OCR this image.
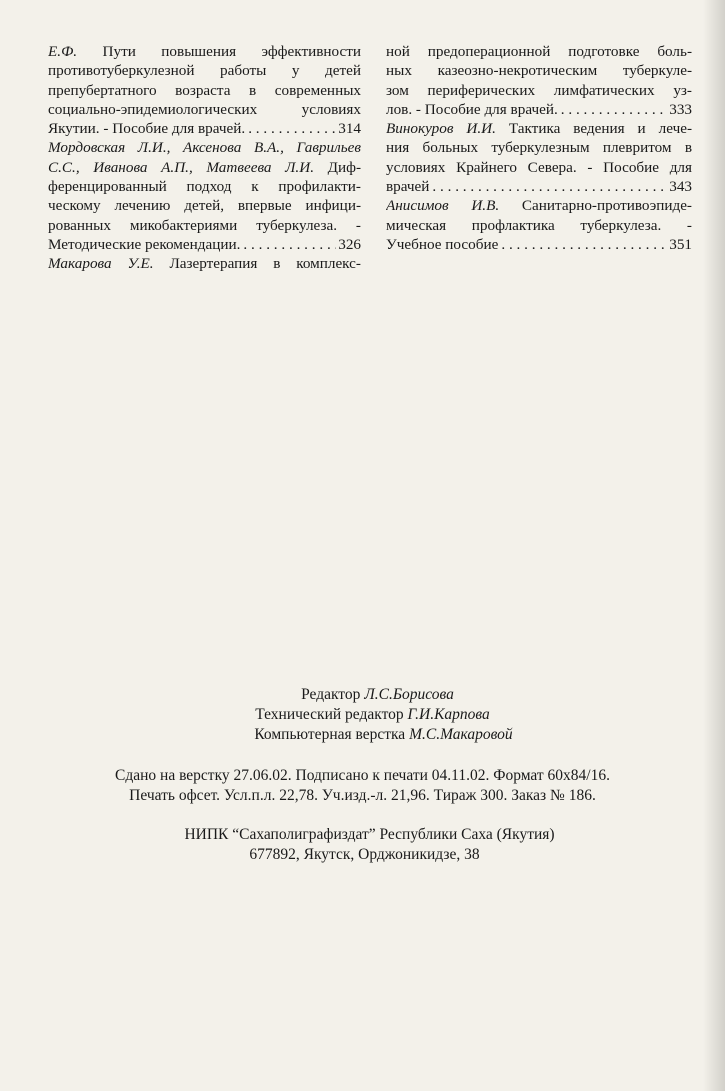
Е.Ф. Пути повышения эффективности
противотуберкулезной работы у детей
препубертатного возраста в современных
социально-эпидемиологических условиях
Якутии. - Пособие для врачей. . . .	314
Мордовская Л.И., Аксенова В.А., Гаврильев
С.С., Иванова А.П., Матвеева Л.И. Диф-
ференцированный подход к профилакти-
ческому лечению детей, впервые инфици-
рованных микобактериями туберкулеза. -
Методические рекомендации. . . .	326
Макарова У.Е. Лазертерапия в комплекс-
ной предоперационной подготовке боль-
ных казеозно-некротическим туберкуле-
зом периферических лимфатических уз-
лов. - Пособие для врачей. . . .	333
Винокуров И.И. Тактика ведения и лече-
ния больных туберкулезным плевритом в
условиях Крайнего Севера. - Пособие для
врачей . . .	343
Анисимов И.В. Санитарно-противоэпиде-
мическая профлактика туберкулеза. -
Учебное пособие . . .	351
Редактор Л.С.Борисова
Технический редактор Г.И.Карпова
Компьютерная верстка М.С.Макаровой
Сдано на верстку 27.06.02. Подписано к печати 04.11.02. Формат 60x84/16.
Печать офсет. Усл.п.л. 22,78. Уч.изд.-л. 21,96. Тираж 300. Заказ № 186.
НИПК “Сахаполиграфиздат” Республики Саха (Якутия)
677892, Якутск, Орджоникидзе, 38
